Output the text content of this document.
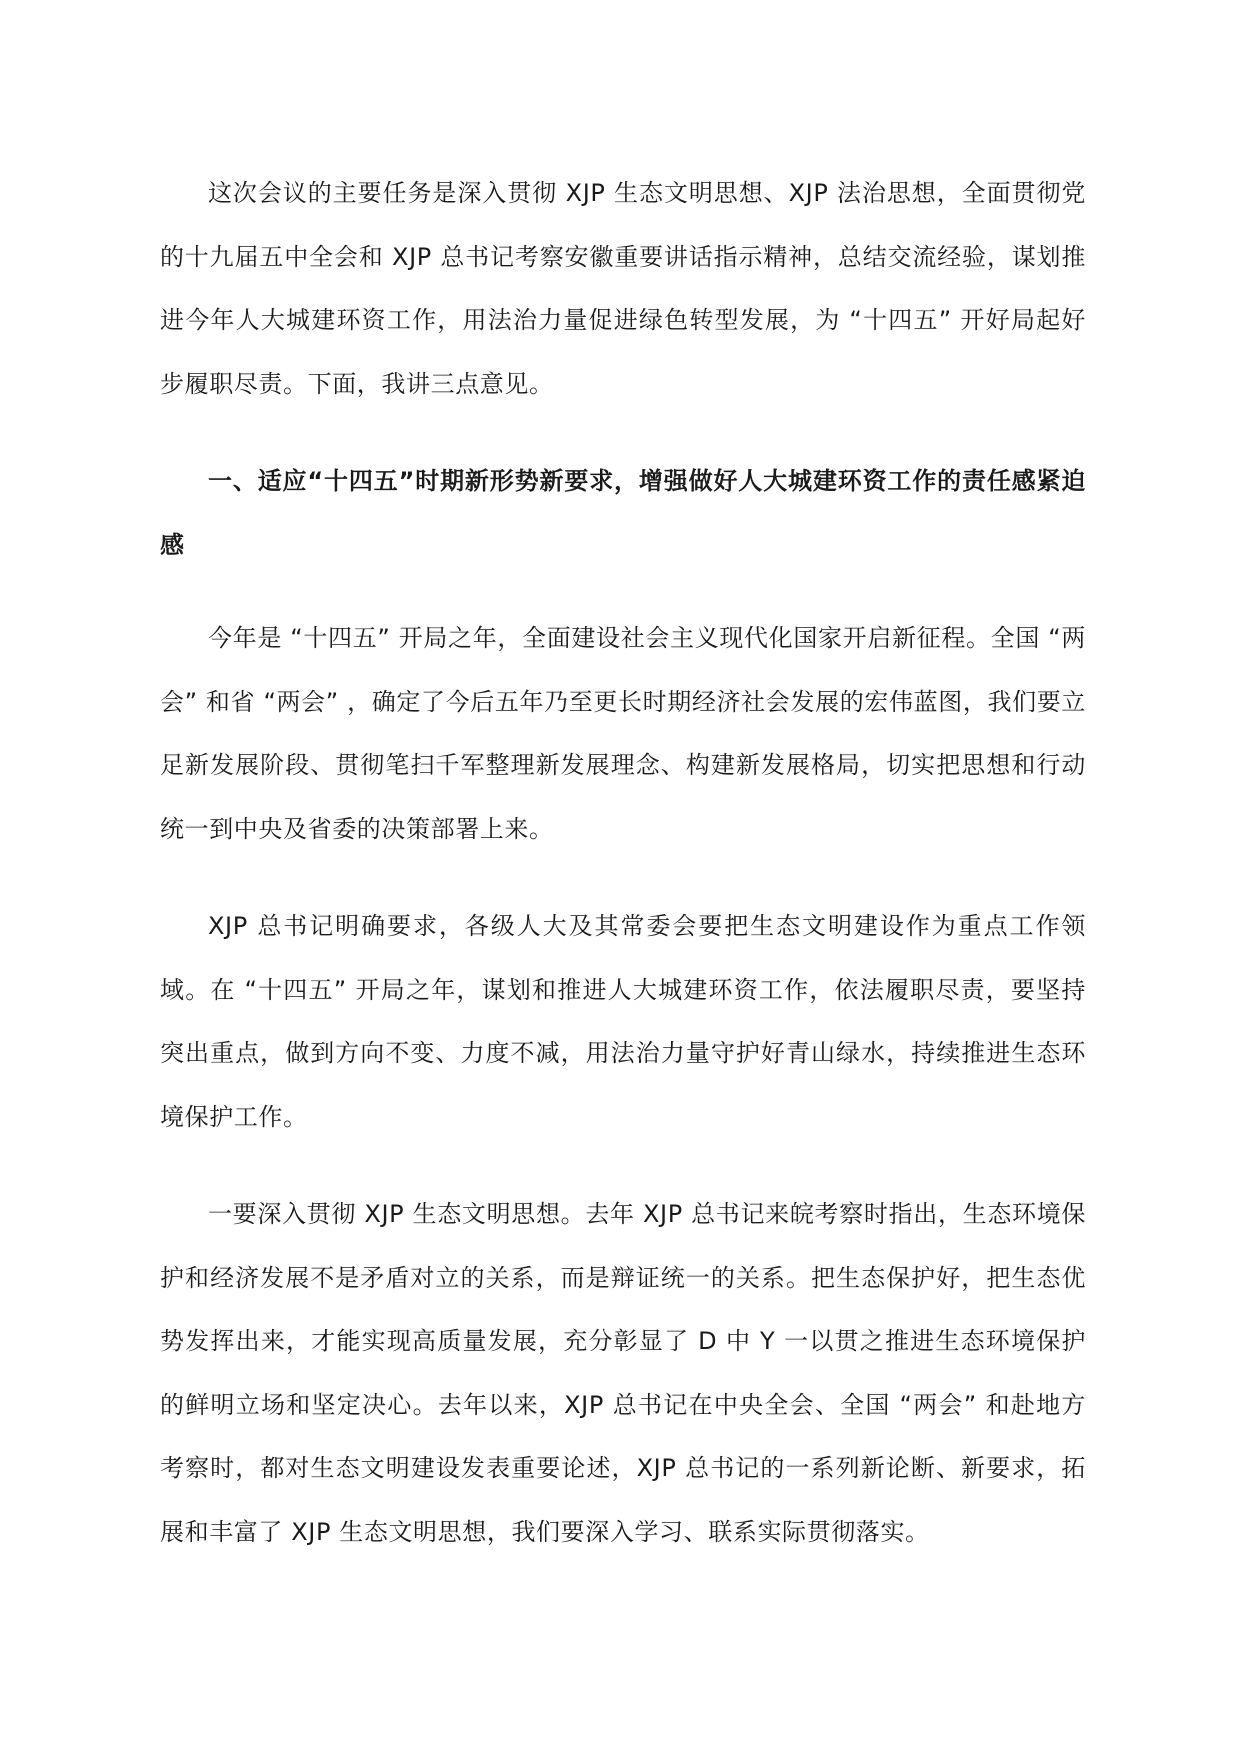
这次会议的主要任务是深入贯彻 XJP 生态文明思想、XJP 法治思想，全面贯彻党的十九届五中全会和 XJP 总书记考察安徽重要讲话指示精神，总结交流经验，谋划推进今年人大城建环资工作，用法治力量促进绿色转型发展，为 “十四五” 开好局起好步履职尽责。下面，我讲三点意见。

一、适应“十四五”时期新形势新要求，增强做好人大城建环资工作的责任感紧迫感

今年是 “十四五” 开局之年，全面建设社会主义现代化国家开启新征程。全国 “两会” 和省 “两会” ，确定了今后五年乃至更长时期经济社会发展的宏伟蓝图，我们要立足新发展阶段、贯彻笔扫千军整理新发展理念、构建新发展格局，切实把思想和行动统一到中央及省委的决策部署上来。

XJP 总书记明确要求，各级人大及其常委会要把生态文明建设作为重点工作领域。在 “十四五” 开局之年，谋划和推进人大城建环资工作，依法履职尽责，要坚持突出重点，做到方向不变、力度不减，用法治力量守护好青山绿水，持续推进生态环境保护工作。

一要深入贯彻 XJP 生态文明思想。去年 XJP 总书记来皖考察时指出，生态环境保护和经济发展不是矛盾对立的关系，而是辩证统一的关系。把生态保护好，把生态优势发挥出来，才能实现高质量发展，充分彰显了 D 中 Y 一以贯之推进生态环境保护的鲜明立场和坚定决心。去年以来，XJP 总书记在中央全会、全国 “两会” 和赴地方考察时，都对生态文明建设发表重要论述，XJP 总书记的一系列新论断、新要求，拓展和丰富了 XJP 生态文明思想，我们要深入学习、联系实际贯彻落实。
